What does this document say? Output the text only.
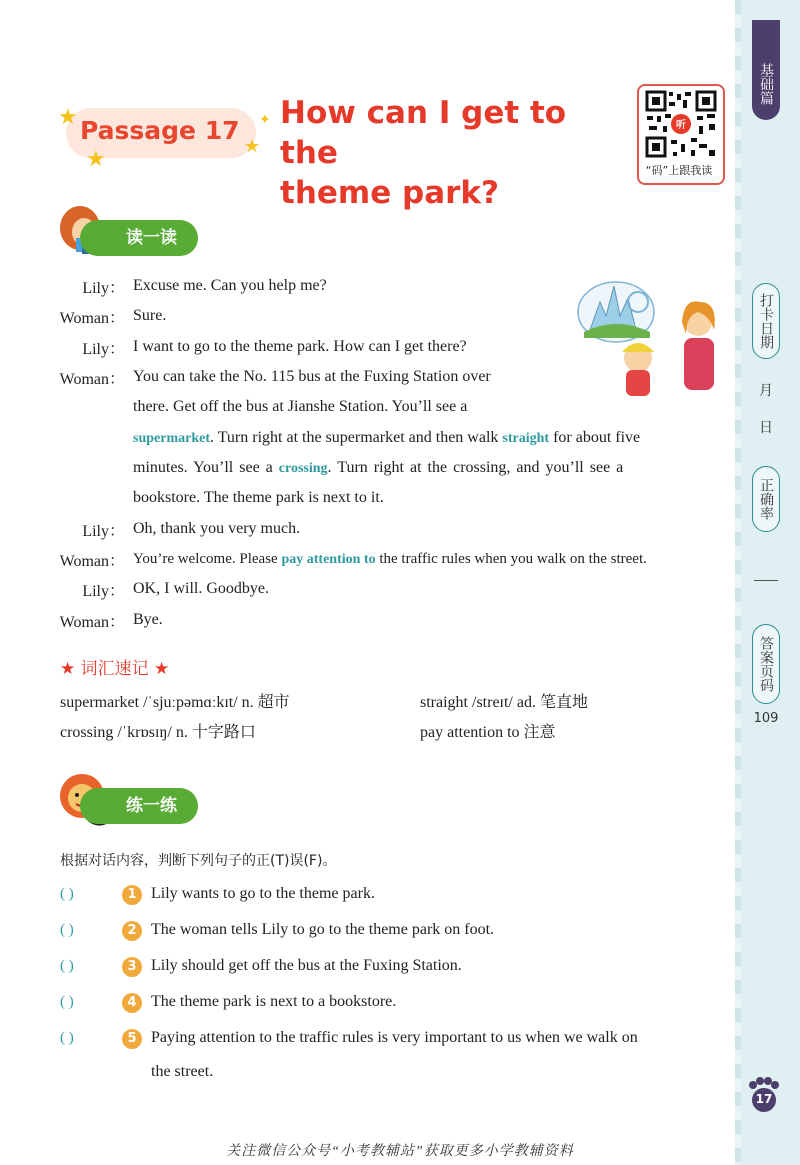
基础篇
打卡日期
月
日
正确率
答案页码
109
★
★	★
✦
Passage 17 How can I get to the
theme park?
听
“码”上跟我读
读一读
Lily： Excuse me. Can you help me?
Woman： Sure.
Lily： I want to go to the theme park. How can I get there?
Woman： You can take the No. 115 bus at the Fuxing Station over
there. Get off the bus at Jianshe Station. You’ll see a
supermarket. Turn right at the supermarket and then walk straight for about five
minutes. You’ll see a crossing. Turn right at the crossing, and you’ll see a
bookstore. The theme park is next to it.
Lily： Oh, thank you very much.
Woman： You’re welcome. Please pay attention to the traffic rules when you walk on the street.
Lily： OK, I will. Goodbye.
Woman： Bye.
★ 词汇速记 ★
supermarket /ˈsjuːpəmɑːkɪt/ n. 超市	straight /streɪt/ ad. 笔直地
crossing /ˈkrɒsɪŋ/ n. 十字路口	pay attention to 注意
练一练
根据对话内容，判断下列句子的正(T)误(F)。
( )	1 Lily wants to go to the theme park.
( )	2 The woman tells Lily to go to the theme park on foot.
( )	3 Lily should get off the bus at the Fuxing Station.
( )	4 The theme park is next to a bookstore.
( )	5 Paying attention to the traffic rules is very important to us when we walk on
the street.
17
关注微信公众号“小考教辅站”获取更多小学教辅资料
